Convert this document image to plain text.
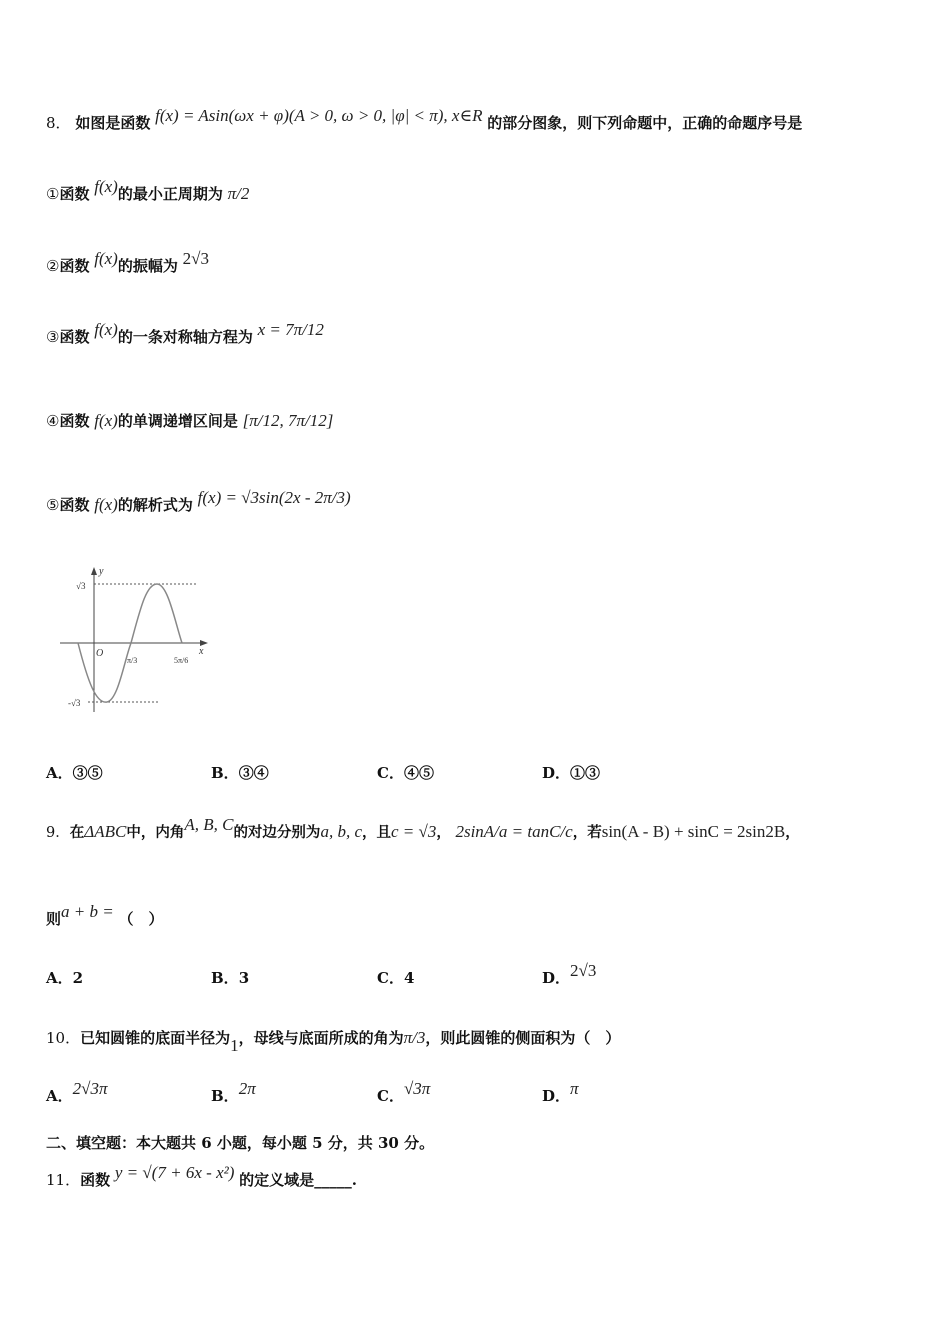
8． 如图是函数 f(x) = Asin(ωx + φ)(A > 0, ω > 0, |φ| < π), x∈R 的部分图象，则下列命题中，正确的命题序号是
①函数 f(x)的最小正周期为 π/2
②函数 f(x)的振幅为 2√3
③函数 f(x)的一条对称轴方程为 x = 7π/12
④函数 f(x)的单调递增区间是 [π/12, 7π/12]
⑤函数 f(x)的解析式为 f(x) = √3sin(2x - 2π/3)
y
x
O
√3
-√3
π/3	5π/6
A．③⑤	B．③④	C．④⑤	D．①③
9．在ΔABC中，内角A, B, C的对边分别为a, b, c，且c = √3， 2sinA/a = tanC/c，若sin(A - B) + sinC = 2sin2B，
则a + b = （　）
A．2	B．3	C．4	D．2√3
10．已知圆锥的底面半径为1，母线与底面所成的角为π/3，则此圆锥的侧面积为（　）
A．2√3π	B．2π	C．√3π	D．π
二、填空题：本大题共 6 小题，每小题 5 分，共 30 分。
11．函数 y = √(7 + 6x - x²) 的定义域是_____.
